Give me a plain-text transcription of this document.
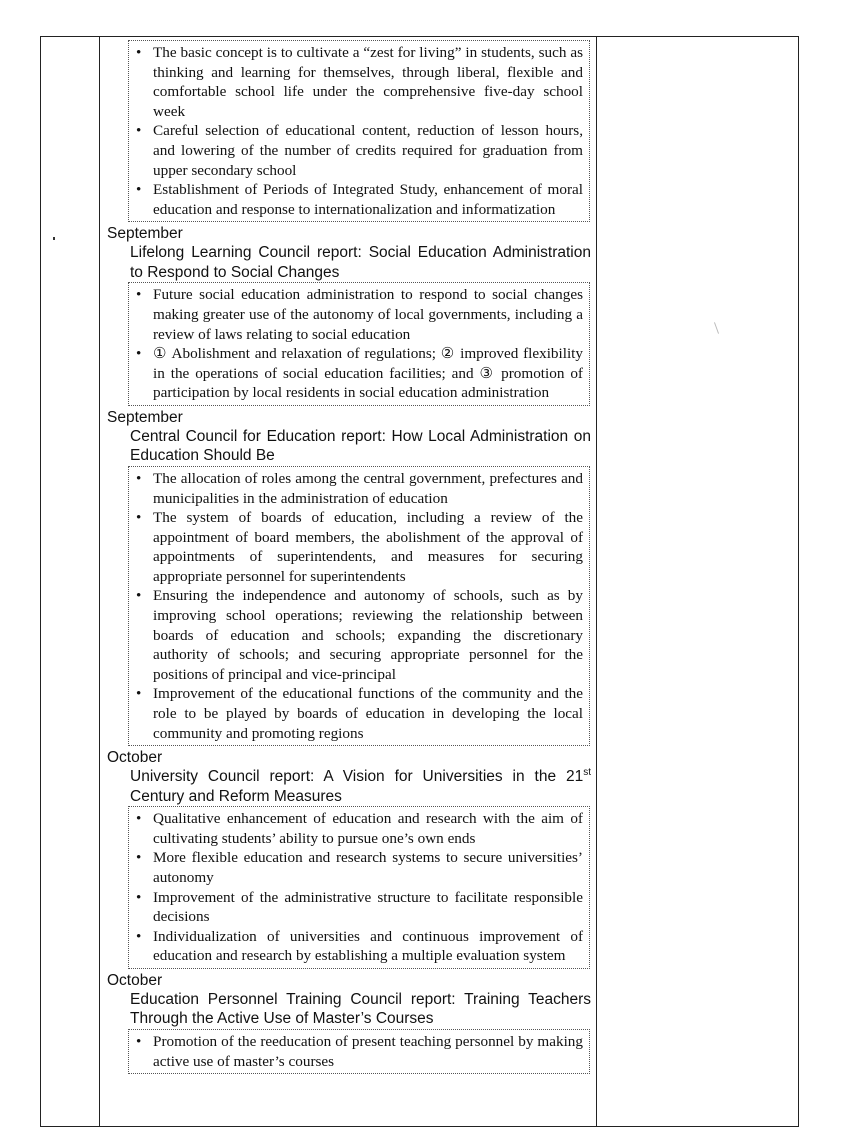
• The basic concept is to cultivate a “zest for living” in students, such as thinking and learning for themselves, through liberal, flexible and comfortable school life under the comprehensive five-day school week
• Careful selection of educational content, reduction of lesson hours, and lowering of the number of credits required for graduation from upper secondary school
• Establishment of Periods of Integrated Study, enhancement of moral education and response to internationalization and informatization
September
Lifelong Learning Council report: Social Education Administration to Respond to Social Changes
• Future social education administration to respond to social changes making greater use of the autonomy of local governments, including a review of laws relating to social education
• ① Abolishment and relaxation of regulations; ② improved flexibility in the operations of social education facilities; and ③ promotion of participation by local residents in social education administration
September
Central Council for Education report: How Local Administration on Education Should Be
• The allocation of roles among the central government, prefectures and municipalities in the administration of education
• The system of boards of education, including a review of the appointment of board members, the abolishment of the approval of appointments of superintendents, and measures for securing appropriate personnel for superintendents
• Ensuring the independence and autonomy of schools, such as by improving school operations; reviewing the relationship between boards of education and schools; expanding the discretionary authority of schools; and securing appropriate personnel for the positions of principal and vice-principal
• Improvement of the educational functions of the community and the role to be played by boards of education in developing the local community and promoting regions
October
University Council report: A Vision for Universities in the 21st Century and Reform Measures
• Qualitative enhancement of education and research with the aim of cultivating students’ ability to pursue one’s own ends
• More flexible education and research systems to secure universities’ autonomy
• Improvement of the administrative structure to facilitate responsible decisions
• Individualization of universities and continuous improvement of education and research by establishing a multiple evaluation system
October
Education Personnel Training Council report: Training Teachers Through the Active Use of Master’s Courses
• Promotion of the reeducation of present teaching personnel by making active use of master’s courses
